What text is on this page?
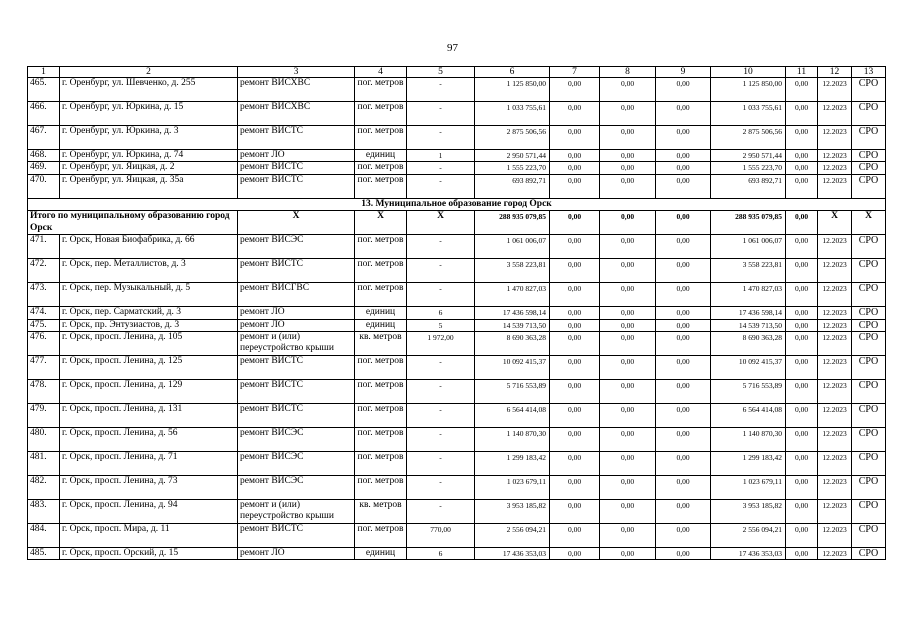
97
1	2	3	4	5	6	7	8	9	10	11	12	13
465.	г. Оренбург, ул. Шевченко, д. 255	ремонт ВИСХВС	пог. метров	-	1 125 850,00	0,00	0,00	0,00	1 125 850,00	0,00	12.2023	СРО
466.	г. Оренбург, ул. Юркина, д. 15	ремонт ВИСХВС	пог. метров	-	1 033 755,61	0,00	0,00	0,00	1 033 755,61	0,00	12.2023	СРО
467.	г. Оренбург, ул. Юркина, д. 3	ремонт ВИСТС	пог. метров	-	2 875 506,56	0,00	0,00	0,00	2 875 506,56	0,00	12.2023	СРО
468.	г. Оренбург, ул. Юркина, д. 74	ремонт ЛО	единиц	1	2 950 571,44	0,00	0,00	0,00	2 950 571,44	0,00	12.2023	СРО
469.	г. Оренбург, ул. Яицкая, д. 2	ремонт ВИСТС	пог. метров	-	1 555 223,70	0,00	0,00	0,00	1 555 223,70	0,00	12.2023	СРО
470.	г. Оренбург, ул. Яицкая, д. 35а	ремонт ВИСТС	пог. метров	-	693 892,71	0,00	0,00	0,00	693 892,71	0,00	12.2023	СРО
13. Муниципальное образование город Орск												
Итого по муниципальному образованию город Орск		X	X	X	288 935 079,85	0,00	0,00	0,00	288 935 079,85	0,00	X	X
471.	г. Орск, Новая Биофабрика, д. 66	ремонт ВИСЭС	пог. метров	-	1 061 006,07	0,00	0,00	0,00	1 061 006,07	0,00	12.2023	СРО
472.	г. Орск, пер. Металлистов, д. 3	ремонт ВИСТС	пог. метров	-	3 558 223,81	0,00	0,00	0,00	3 558 223,81	0,00	12.2023	СРО
473.	г. Орск, пер. Музыкальный, д. 5	ремонт ВИСГВС	пог. метров	-	1 470 827,03	0,00	0,00	0,00	1 470 827,03	0,00	12.2023	СРО
474.	г. Орск, пер. Сарматский, д. 3	ремонт ЛО	единиц	6	17 436 598,14	0,00	0,00	0,00	17 436 598,14	0,00	12.2023	СРО
475.	г. Орск, пр. Энтузиастов, д. 3	ремонт ЛО	единиц	5	14 539 713,50	0,00	0,00	0,00	14 539 713,50	0,00	12.2023	СРО
476.	г. Орск, просп. Ленина, д. 105	ремонт и (или) переустройство крыши	кв. метров	1 972,00	8 690 363,28	0,00	0,00	0,00	8 690 363,28	0,00	12.2023	СРО
477.	г. Орск, просп. Ленина, д. 125	ремонт ВИСТС	пог. метров	-	10 092 415,37	0,00	0,00	0,00	10 092 415,37	0,00	12.2023	СРО
478.	г. Орск, просп. Ленина, д. 129	ремонт ВИСТС	пог. метров	-	5 716 553,89	0,00	0,00	0,00	5 716 553,89	0,00	12.2023	СРО
479.	г. Орск, просп. Ленина, д. 131	ремонт ВИСТС	пог. метров	-	6 564 414,08	0,00	0,00	0,00	6 564 414,08	0,00	12.2023	СРО
480.	г. Орск, просп. Ленина, д. 56	ремонт ВИСЭС	пог. метров	-	1 140 870,30	0,00	0,00	0,00	1 140 870,30	0,00	12.2023	СРО
481.	г. Орск, просп. Ленина, д. 71	ремонт ВИСЭС	пог. метров	-	1 299 183,42	0,00	0,00	0,00	1 299 183,42	0,00	12.2023	СРО
482.	г. Орск, просп. Ленина, д. 73	ремонт ВИСЭС	пог. метров	-	1 023 679,11	0,00	0,00	0,00	1 023 679,11	0,00	12.2023	СРО
483.	г. Орск, просп. Ленина, д. 94	ремонт и (или) переустройство крыши	кв. метров	-	3 953 185,82	0,00	0,00	0,00	3 953 185,82	0,00	12.2023	СРО
484.	г. Орск, просп. Мира, д. 11	ремонт ВИСТС	пог. метров	770,00	2 556 094,21	0,00	0,00	0,00	2 556 094,21	0,00	12.2023	СРО
485.	г. Орск, просп. Орский, д. 15	ремонт ЛО	единиц	6	17 436 353,03	0,00	0,00	0,00	17 436 353,03	0,00	12.2023	СРО
